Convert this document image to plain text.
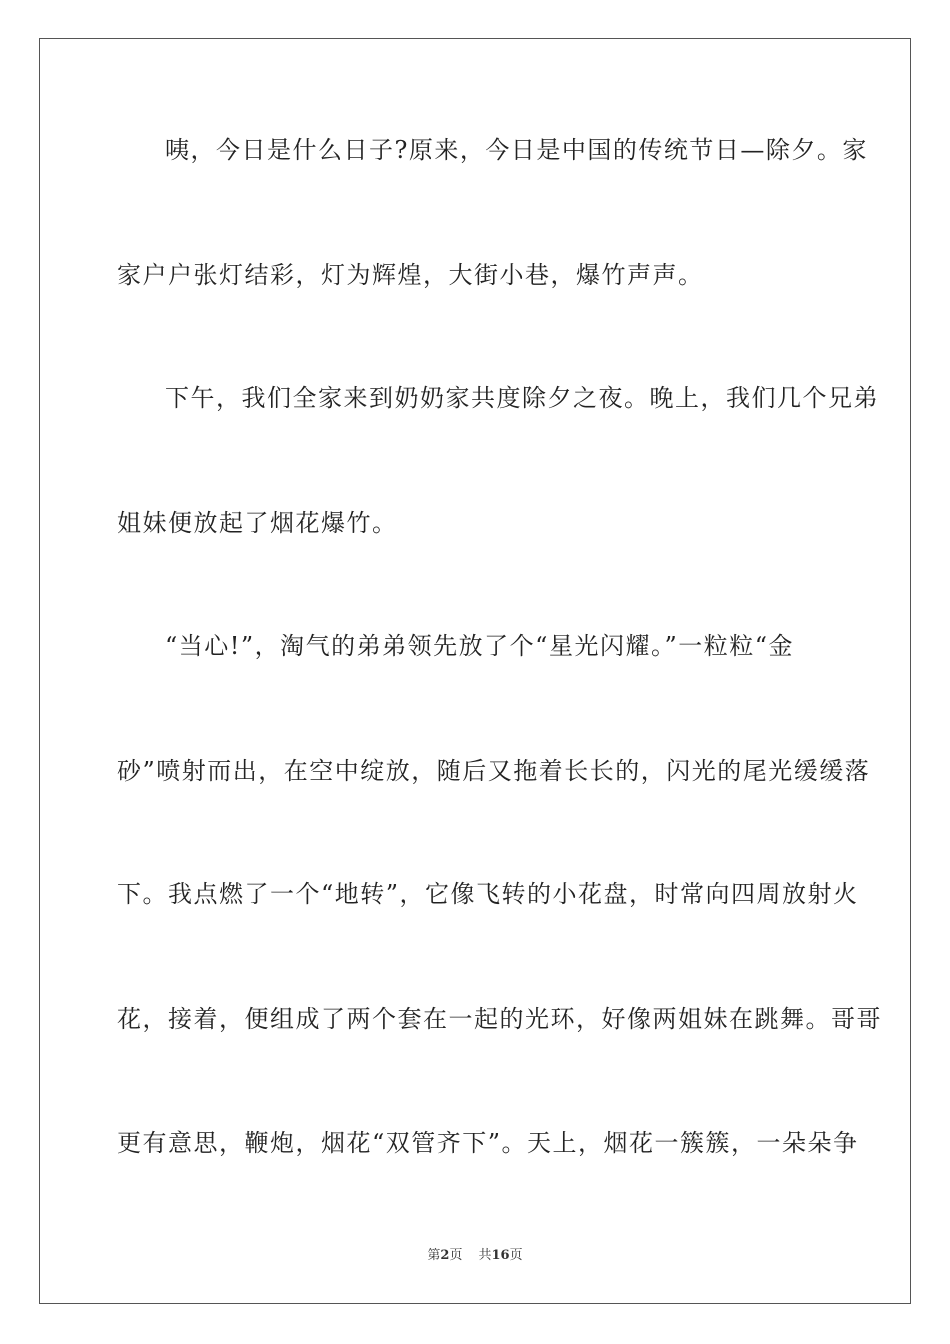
咦，今日是什么日子?原来，今日是中国的传统节日—除夕。家
家户户张灯结彩，灯为辉煌，大街小巷，爆竹声声。
下午，我们全家来到奶奶家共度除夕之夜。晚上，我们几个兄弟
姐妹便放起了烟花爆竹。
“当心!”，淘气的弟弟领先放了个“星光闪耀。”一粒粒“金
砂”喷射而出，在空中绽放，随后又拖着长长的，闪光的尾光缓缓落
下。我点燃了一个“地转”，它像飞转的小花盘，时常向四周放射火
花，接着，便组成了两个套在一起的光环，好像两姐妹在跳舞。哥哥
更有意思，鞭炮，烟花“双管齐下”。天上，烟花一簇簇，一朵朵争
第2页 共16页
